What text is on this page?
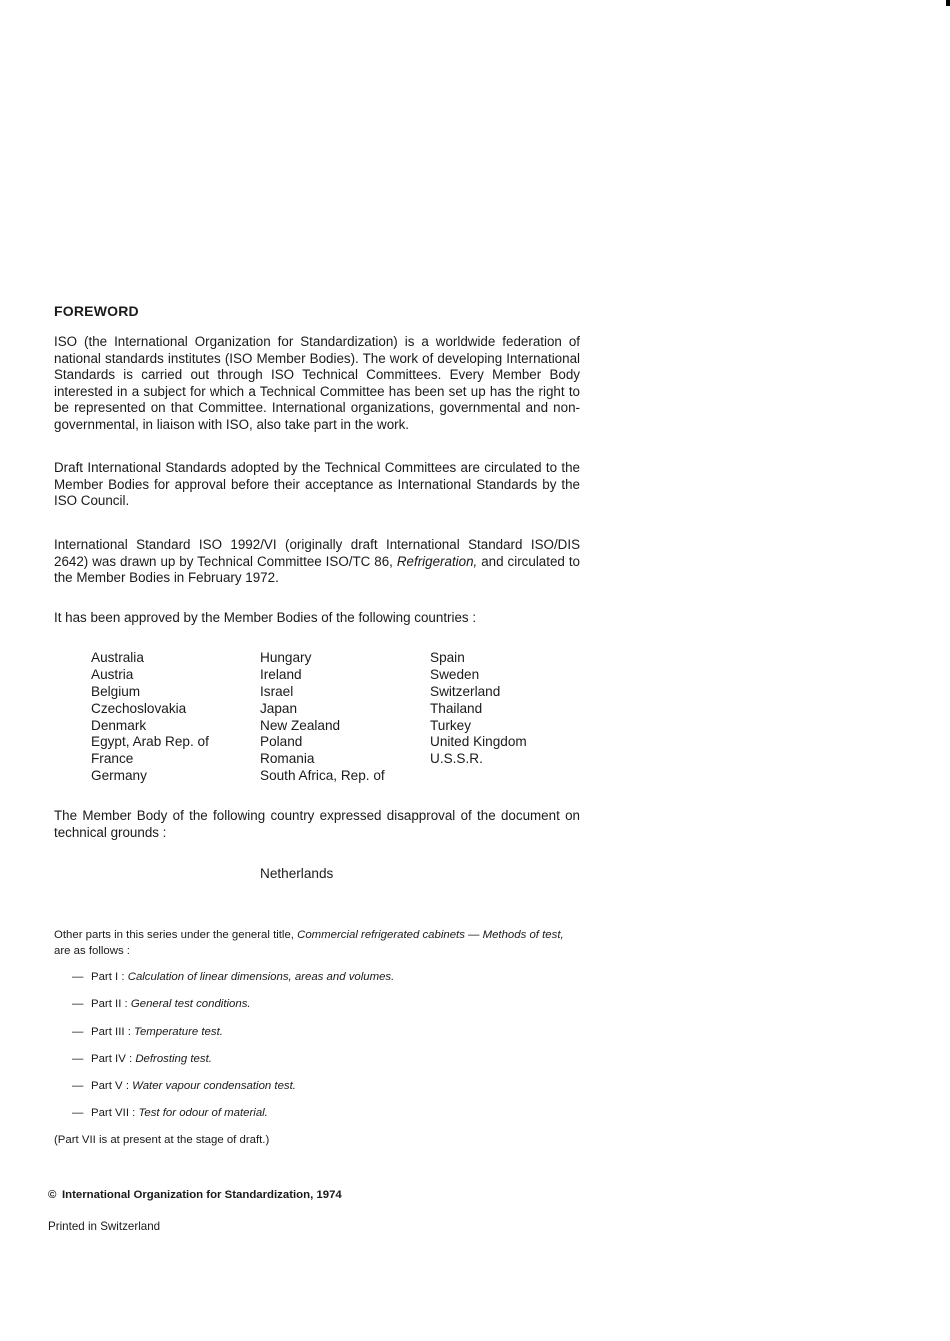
FOREWORD
ISO (the International Organization for Standardization) is a worldwide federation of national standards institutes (ISO Member Bodies). The work of developing International Standards is carried out through ISO Technical Committees. Every Member Body interested in a subject for which a Technical Committee has been set up has the right to be represented on that Committee. International organizations, governmental and non-governmental, in liaison with ISO, also take part in the work.
Draft International Standards adopted by the Technical Committees are circulated to the Member Bodies for approval before their acceptance as International Standards by the ISO Council.
International Standard ISO 1992/VI (originally draft International Standard ISO/DIS 2642) was drawn up by Technical Committee ISO/TC 86, Refrigeration, and circulated to the Member Bodies in February 1972.
It has been approved by the Member Bodies of the following countries :
Australia
Austria
Belgium
Czechoslovakia
Denmark
Egypt, Arab Rep. of
France
Germany
Hungary
Ireland
Israel
Japan
New Zealand
Poland
Romania
South Africa, Rep. of
Spain
Sweden
Switzerland
Thailand
Turkey
United Kingdom
U.S.S.R.
The Member Body of the following country expressed disapproval of the document on technical grounds :
Netherlands
Other parts in this series under the general title, Commercial refrigerated cabinets — Methods of test, are as follows :
— Part I : Calculation of linear dimensions, areas and volumes.
— Part II : General test conditions.
— Part III : Temperature test.
— Part IV : Defrosting test.
— Part V : Water vapour condensation test.
— Part VII : Test for odour of material.
(Part VII is at present at the stage of draft.)
© International Organization for Standardization, 1974
Printed in Switzerland
